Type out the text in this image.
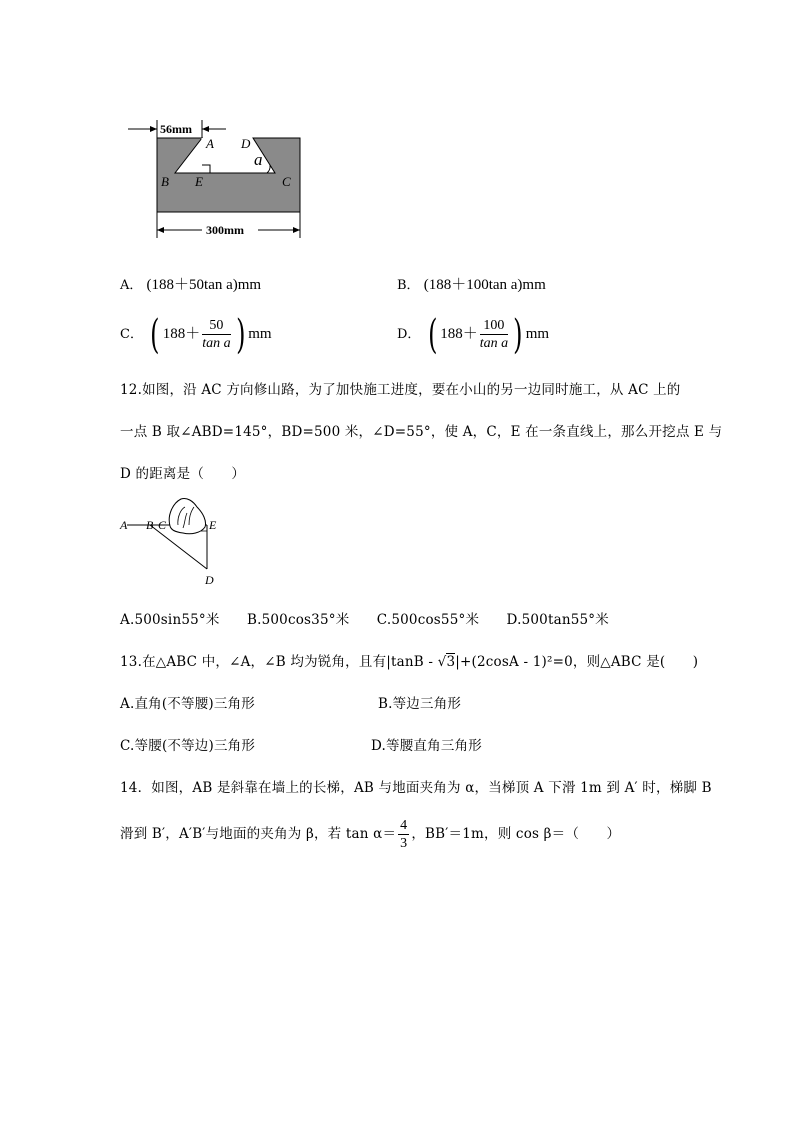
56mm
A D
a
B E	C
300mm
A． (188＋50tan a)mm	B． (188＋100tan a)mm
C． ( $188+ \frac{50}{\text{tan a}}$ ) mm	D． ( $188+ \frac{100}{\text{tan a}}$ ) mm
12.如图，沿 AC 方向修山路，为了加快施工进度，要在小山的另一边同时施工，从 AC 上的
一点 B 取∠ABD=145°，BD=500 米，∠D=55°，使 A，C，E 在一条直线上，那么开挖点 E 与
D 的距离是（　　）
A B C	E
D
A.500sin55°米　　B.500cos35°米　　C.500cos55°米　　D.500tan55°米
13.在△ABC 中，∠A，∠B 均为锐角，且有|tanB - √3|+(2cosA - 1)²=0，则△ABC 是(　　)
A.直角(不等腰)三角形	B.等边三角形
C.等腰(不等边)三角形	D.等腰直角三角形
14．如图，AB 是斜靠在墙上的长梯，AB 与地面夹角为 α，当梯顶 A 下滑 1m 到 A′ 时，梯脚 B
滑到 B′，A′B′与地面的夹角为 β，若 $\tan \alpha= \frac{4}{3}$ ，BB′＝1m，则 cos β＝（　　）
